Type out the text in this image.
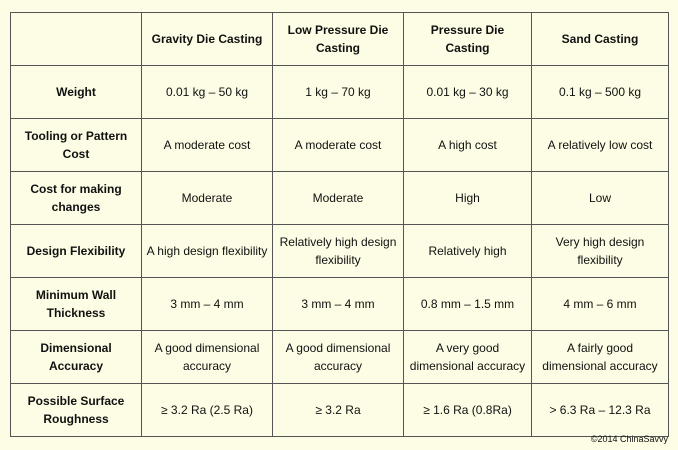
	Gravity Die Casting	Low Pressure Die Casting	Pressure Die Casting	Sand Casting
Weight	0.01 kg – 50 kg	1 kg – 70 kg	0.01 kg – 30 kg	0.1 kg – 500 kg
Tooling or Pattern Cost	A moderate cost	A moderate cost	A high cost	A relatively low cost
Cost for making changes	Moderate	Moderate	High	Low
Design Flexibility	A high design flexibility	Relatively high design flexibility	Relatively high	Very high design flexibility
Minimum Wall Thickness	3 mm – 4 mm	3 mm – 4 mm	0.8 mm – 1.5 mm	4 mm – 6 mm
Dimensional Accuracy	A good dimensional accuracy	A good dimensional accuracy	A very good dimensional accuracy	A fairly good dimensional accuracy
Possible Surface Roughness	≥ 3.2 Ra (2.5 Ra)	≥ 3.2 Ra	≥ 1.6 Ra (0.8Ra)	> 6.3 Ra – 12.3 Ra
©2014 ChinaSavvy
